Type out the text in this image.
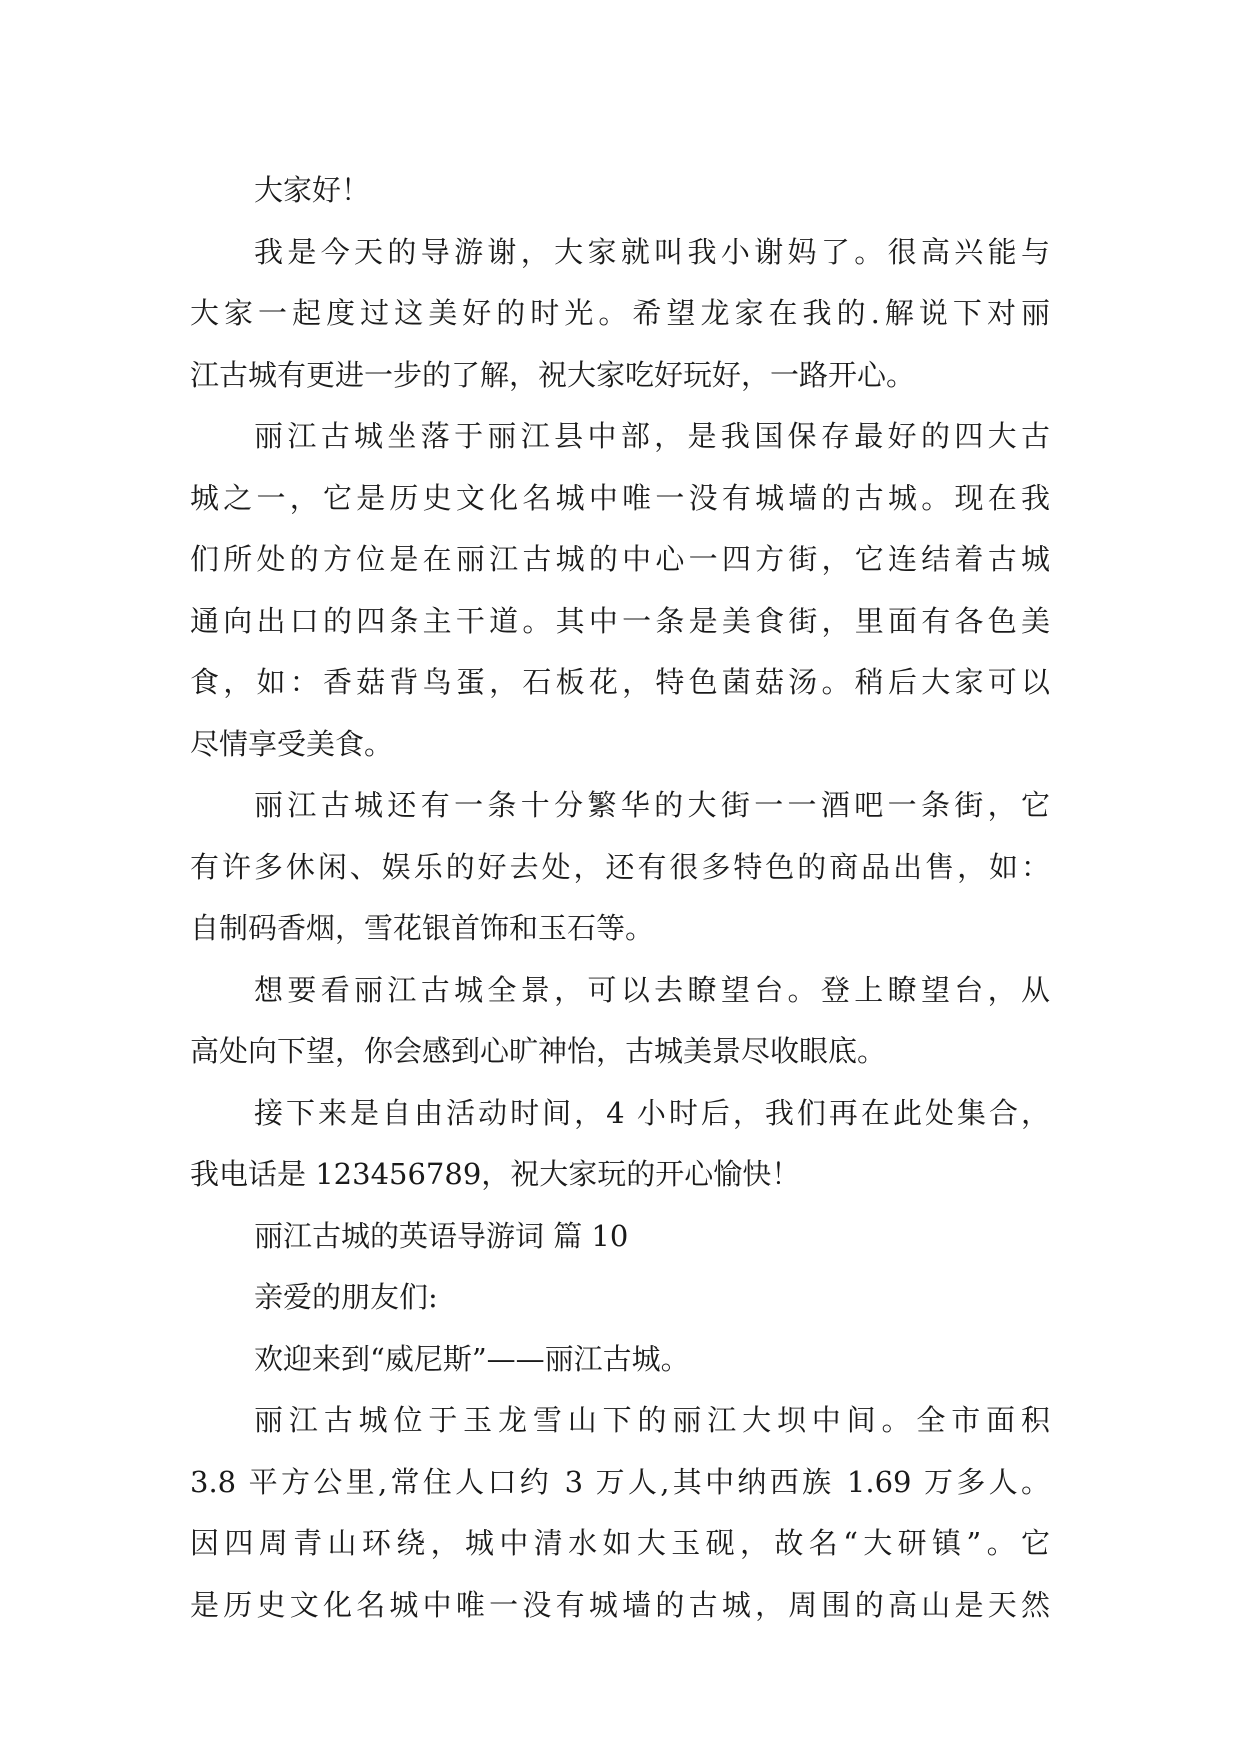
大家好！
我是今天的导游谢，大家就叫我小谢妈了。很高兴能与
大家一起度过这美好的时光。希望龙家在我的.解说下对丽
江古城有更进一步的了解，祝大家吃好玩好，一路开心。
丽江古城坐落于丽江县中部，是我国保存最好的四大古
城之一，它是历史文化名城中唯一没有城墙的古城。现在我
们所处的方位是在丽江古城的中心一四方街，它连结着古城
通向出口的四条主干道。其中一条是美食街，里面有各色美
食，如：香菇背鸟蛋，石板花，特色菌菇汤。稍后大家可以
尽情享受美食。
丽江古城还有一条十分繁华的大街一一酒吧一条街，它
有许多休闲、娱乐的好去处，还有很多特色的商品出售，如：
自制码香烟，雪花银首饰和玉石等。
想要看丽江古城全景，可以去瞭望台。登上瞭望台，从
高处向下望，你会感到心旷神怡，古城美景尽收眼底。
接下来是自由活动时间，4 小时后，我们再在此处集合，
我电话是 123456789，祝大家玩的开心愉快！
丽江古城的英语导游词 篇 10
亲爱的朋友们:
欢迎来到“威尼斯”——丽江古城。
丽江古城位于玉龙雪山下的丽江大坝中间。全市面积
3.8 平方公里,常住人口约 3 万人,其中纳西族 1.69 万多人。
因四周青山环绕，城中清水如大玉砚，故名“大研镇”。它
是历史文化名城中唯一没有城墙的古城，周围的高山是天然
